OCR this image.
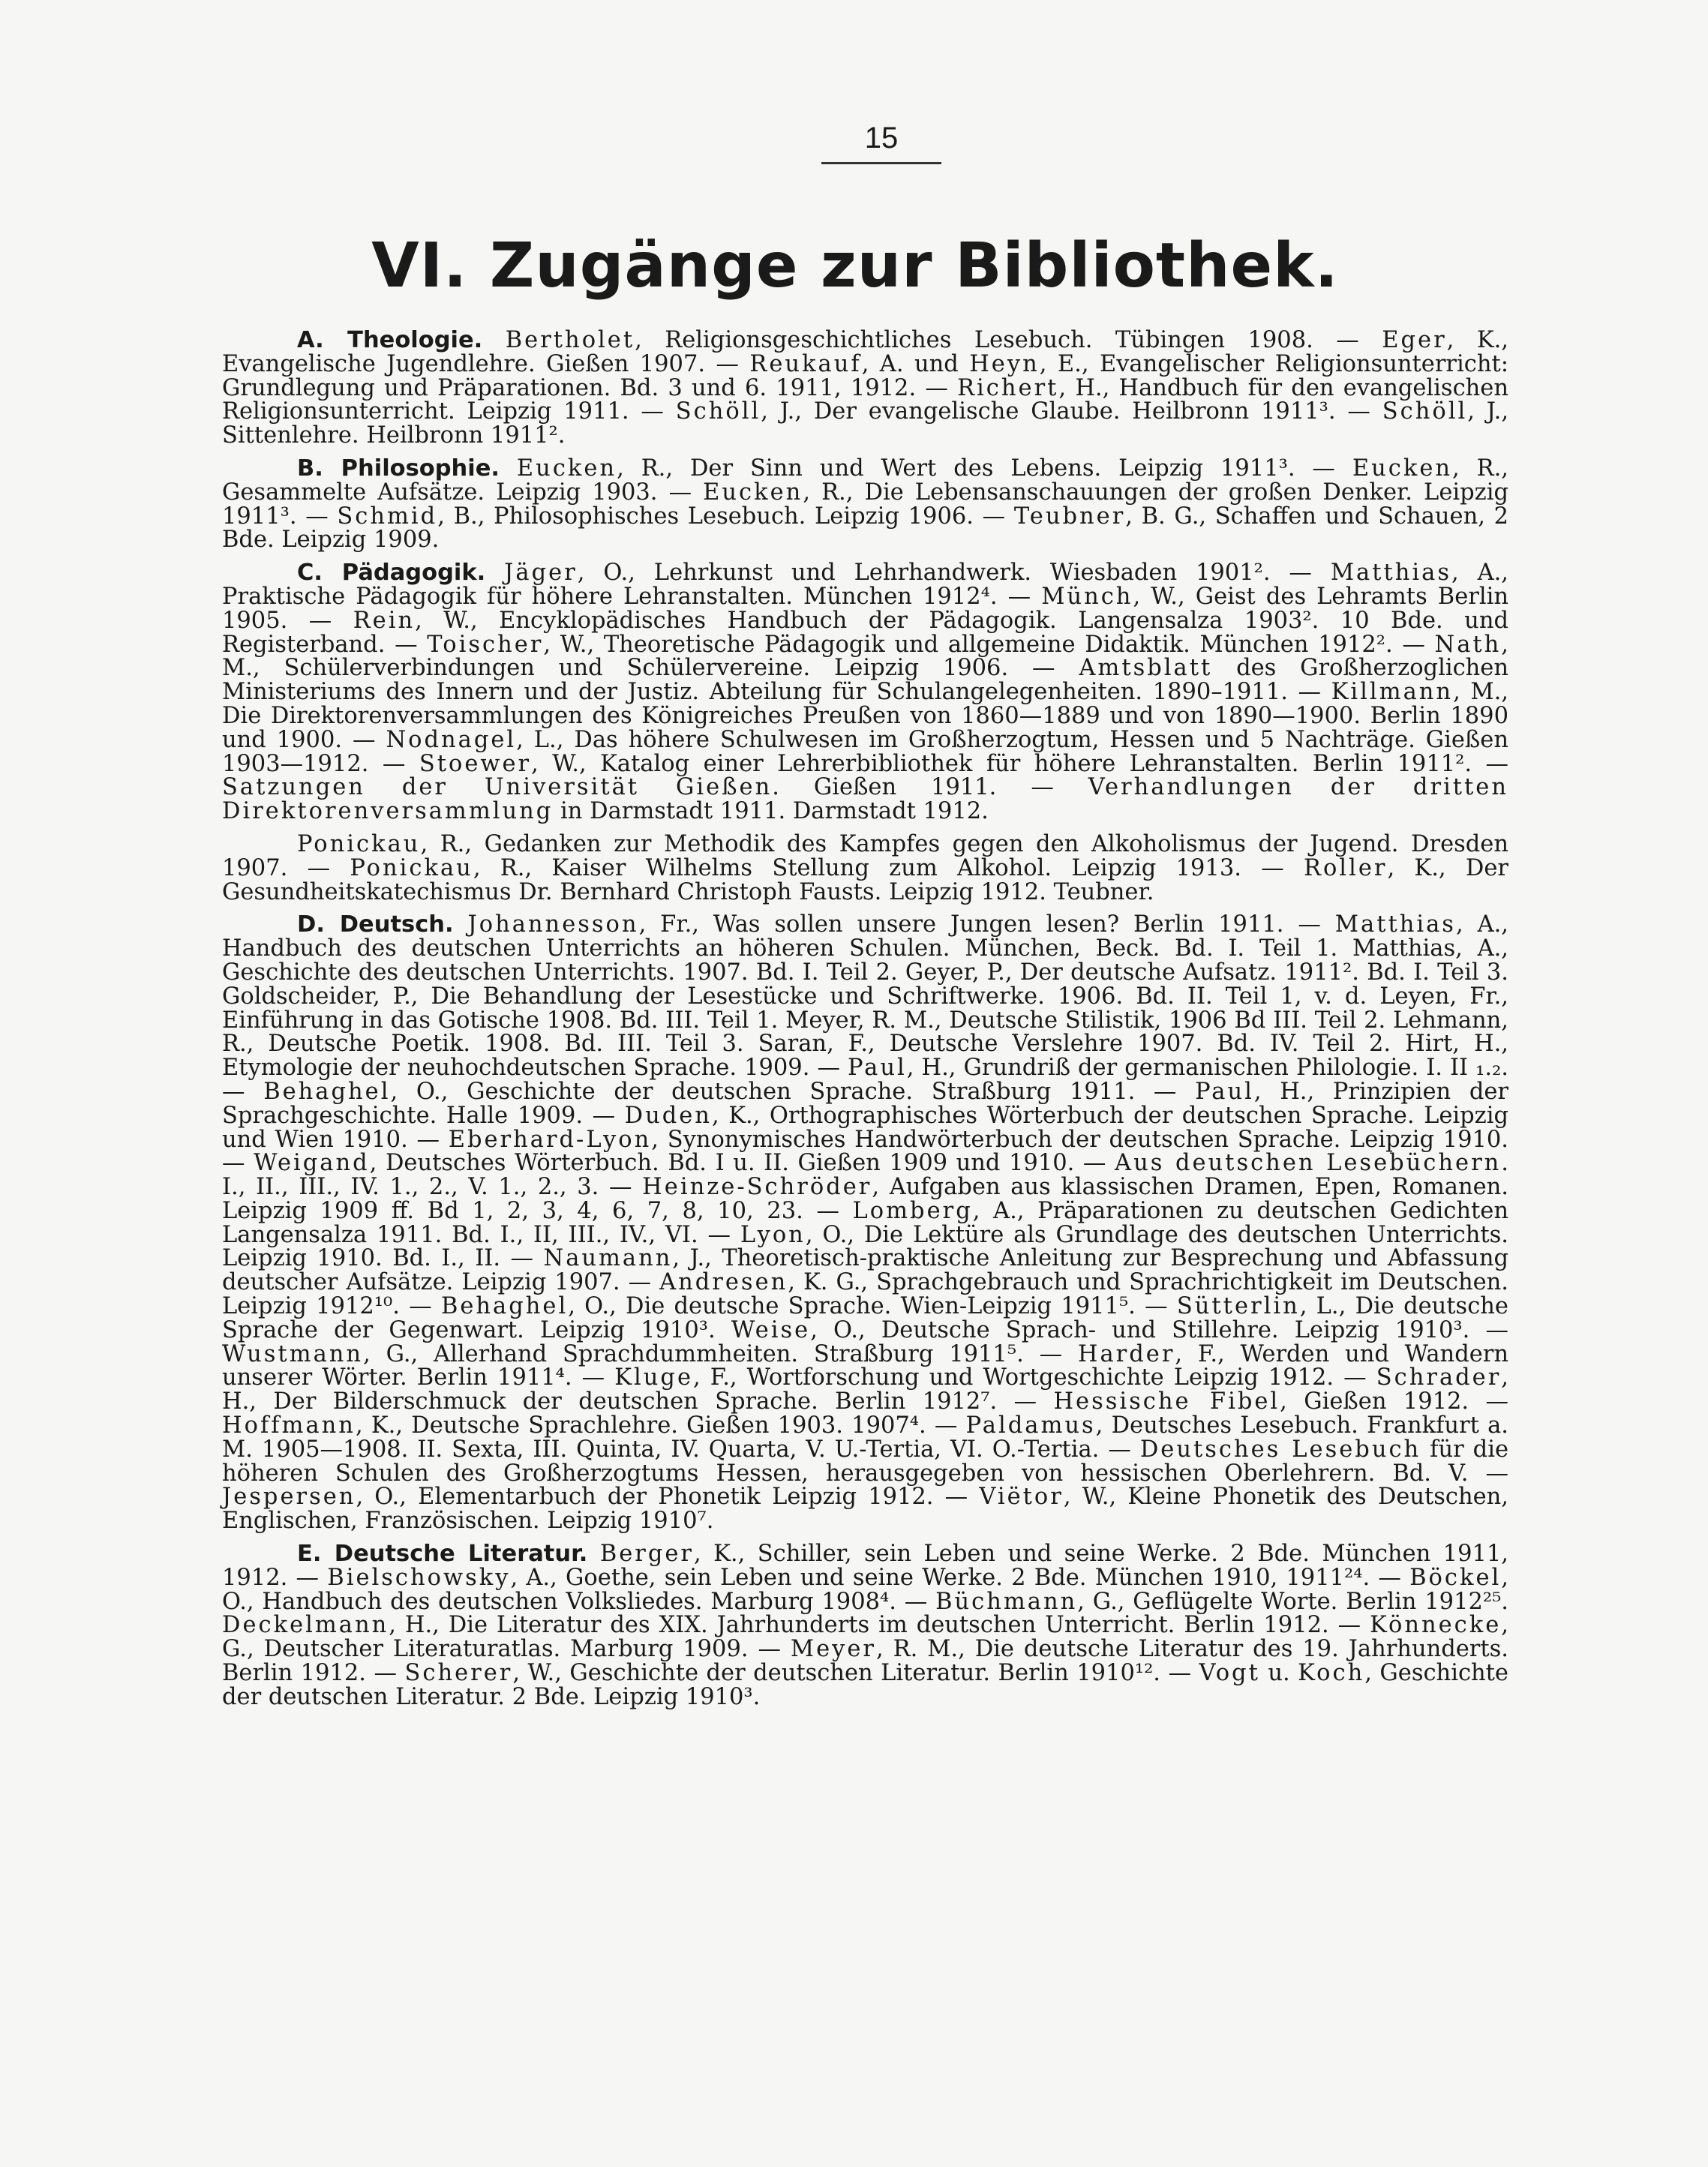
15
VI. Zugänge zur Bibliothek.

A. Theologie. Bertholet, Religionsgeschichtliches Lesebuch. Tübingen 1908. — Eger, K., Evangelische Jugendlehre. Gießen 1907. — Reukauf, A. und Heyn, E., Evangelischer Religionsunterricht: Grundlegung und Präparationen. Bd. 3 und 6. 1911, 1912. — Richert, H., Handbuch für den evangelischen Religionsunterricht. Leipzig 1911. — Schöll, J., Der evangelische Glaube. Heilbronn 1911³. — Schöll, J., Sittenlehre. Heilbronn 1911².

B. Philosophie. Eucken, R., Der Sinn und Wert des Lebens. Leipzig 1911³. — Eucken, R., Gesammelte Aufsätze. Leipzig 1903. — Eucken, R., Die Lebensanschauungen der großen Denker. Leipzig 1911³. — Schmid, B., Philosophisches Lesebuch. Leipzig 1906. — Teubner, B. G., Schaffen und Schauen, 2 Bde. Leipzig 1909.

C. Pädagogik. Jäger, O., Lehrkunst und Lehrhandwerk. Wiesbaden 1901². — Matthias, A., Praktische Pädagogik für höhere Lehranstalten. München 1912⁴. — Münch, W., Geist des Lehramts Berlin 1905. — Rein, W., Encyklopädisches Handbuch der Pädagogik. Langensalza 1903². 10 Bde. und Registerband. — Toischer, W., Theoretische Pädagogik und allgemeine Didaktik. München 1912². — Nath, M., Schülerverbindungen und Schülervereine. Leipzig 1906. — Amtsblatt des Großherzoglichen Ministeriums des Innern und der Justiz. Abteilung für Schulangelegenheiten. 1890–1911. — Killmann, M., Die Direktorenversammlungen des Königreiches Preußen von 1860—1889 und von 1890—1900. Berlin 1890 und 1900. — Nodnagel, L., Das höhere Schulwesen im Großherzogtum, Hessen und 5 Nachträge. Gießen 1903—1912. — Stoewer, W., Katalog einer Lehrerbibliothek für höhere Lehranstalten. Berlin 1911². — Satzungen der Universität Gießen. Gießen 1911. — Verhandlungen der dritten Direktorenversammlung in Darmstadt 1911. Darmstadt 1912.

Ponickau, R., Gedanken zur Methodik des Kampfes gegen den Alkoholismus der Jugend. Dresden 1907. — Ponickau, R., Kaiser Wilhelms Stellung zum Alkohol. Leipzig 1913. — Roller, K., Der Gesundheitskatechismus Dr. Bernhard Christoph Fausts. Leipzig 1912. Teubner.

D. Deutsch. Johannesson, Fr., Was sollen unsere Jungen lesen? Berlin 1911. — Matthias, A., Handbuch des deutschen Unterrichts an höheren Schulen. München, Beck. Bd. I. Teil 1. Matthias, A., Geschichte des deutschen Unterrichts. 1907. Bd. I. Teil 2. Geyer, P., Der deutsche Aufsatz. 1911². Bd. I. Teil 3. Goldscheider, P., Die Behandlung der Lesestücke und Schriftwerke. 1906. Bd. II. Teil 1, v. d. Leyen, Fr., Einführung in das Gotische 1908. Bd. III. Teil 1. Meyer, R. M., Deutsche Stilistik, 1906 Bd III. Teil 2. Lehmann, R., Deutsche Poetik. 1908. Bd. III. Teil 3. Saran, F., Deutsche Verslehre 1907. Bd. IV. Teil 2. Hirt, H., Etymologie der neuhochdeutschen Sprache. 1909. — Paul, H., Grundriß der germanischen Philologie. I. II ₁.₂. — Behaghel, O., Geschichte der deutschen Sprache. Straßburg 1911. — Paul, H., Prinzipien der Sprachgeschichte. Halle 1909. — Duden, K., Orthographisches Wörterbuch der deutschen Sprache. Leipzig und Wien 1910. — Eberhard-Lyon, Synonymisches Handwörterbuch der deutschen Sprache. Leipzig 1910. — Weigand, Deutsches Wörterbuch. Bd. I u. II. Gießen 1909 und 1910. — Aus deutschen Lesebüchern. I., II., III., IV. 1., 2., V. 1., 2., 3. — Heinze-Schröder, Aufgaben aus klassischen Dramen, Epen, Romanen. Leipzig 1909 ff. Bd 1, 2, 3, 4, 6, 7, 8, 10, 23. — Lomberg, A., Präparationen zu deutschen Gedichten Langensalza 1911. Bd. I., II, III., IV., VI. — Lyon, O., Die Lektüre als Grundlage des deutschen Unterrichts. Leipzig 1910. Bd. I., II. — Naumann, J., Theoretisch-praktische Anleitung zur Besprechung und Abfassung deutscher Aufsätze. Leipzig 1907. — Andresen, K. G., Sprachgebrauch und Sprachrichtigkeit im Deutschen. Leipzig 1912¹⁰. — Behaghel, O., Die deutsche Sprache. Wien-Leipzig 1911⁵. — Sütterlin, L., Die deutsche Sprache der Gegenwart. Leipzig 1910³. Weise, O., Deutsche Sprach- und Stillehre. Leipzig 1910³. — Wustmann, G., Allerhand Sprachdummheiten. Straßburg 1911⁵. — Harder, F., Werden und Wandern unserer Wörter. Berlin 1911⁴. — Kluge, F., Wortforschung und Wortgeschichte Leipzig 1912. — Schrader, H., Der Bilderschmuck der deutschen Sprache. Berlin 1912⁷. — Hessische Fibel, Gießen 1912. — Hoffmann, K., Deutsche Sprachlehre. Gießen 1903. 1907⁴. — Paldamus, Deutsches Lesebuch. Frankfurt a. M. 1905—1908. II. Sexta, III. Quinta, IV. Quarta, V. U.-Tertia, VI. O.-Tertia. — Deutsches Lesebuch für die höheren Schulen des Großherzogtums Hessen, herausgegeben von hessischen Oberlehrern. Bd. V. — Jespersen, O., Elementarbuch der Phonetik Leipzig 1912. — Viëtor, W., Kleine Phonetik des Deutschen, Englischen, Französischen. Leipzig 1910⁷.

E. Deutsche Literatur. Berger, K., Schiller, sein Leben und seine Werke. 2 Bde. München 1911, 1912. — Bielschowsky, A., Goethe, sein Leben und seine Werke. 2 Bde. München 1910, 1911²⁴. — Böckel, O., Handbuch des deutschen Volksliedes. Marburg 1908⁴. — Büchmann, G., Geflügelte Worte. Berlin 1912²⁵. Deckelmann, H., Die Literatur des XIX. Jahrhunderts im deutschen Unterricht. Berlin 1912. — Könnecke, G., Deutscher Literaturatlas. Marburg 1909. — Meyer, R. M., Die deutsche Literatur des 19. Jahrhunderts. Berlin 1912. — Scherer, W., Geschichte der deutschen Literatur. Berlin 1910¹². — Vogt u. Koch, Geschichte der deutschen Literatur. 2 Bde. Leipzig 1910³.
